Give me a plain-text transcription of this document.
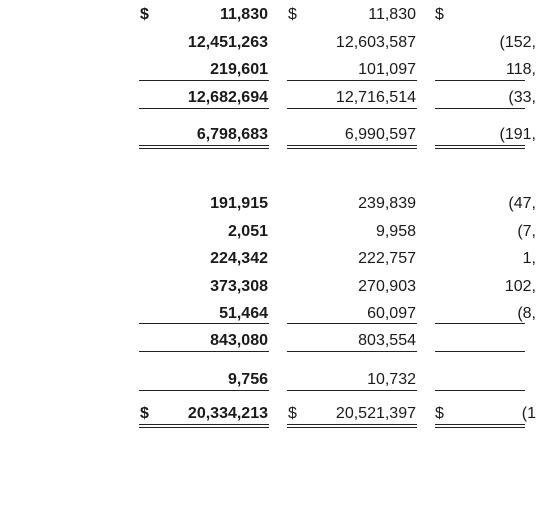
$	11,830 $	11,830 $
12,451,263	12,603,587	(152,
219,601	101,097	118,
12,682,694	12,716,514	(33,
6,798,683	6,990,597	(191,
191,915	239,839	(47,
2,051	9,958	(7,
224,342	222,757	1,
373,308	270,903	102,
51,464	60,097	(8,
843,080	803,554
9,756	10,732
$	20,334,213 $	20,521,397 $	(1
